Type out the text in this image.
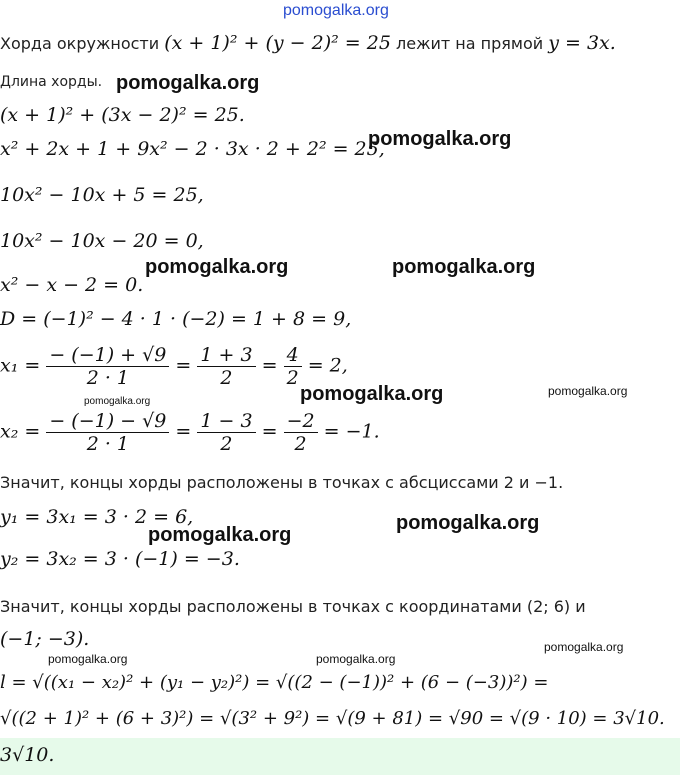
pomogalka.org
Хорда окружности (x + 1)² + (y − 2)² = 25 лежит на прямой y = 3x.
Длина хорды. pomogalka.org
(x + 1)² + (3x − 2)² = 25.
x² + 2x + 1 + 9x² − 2 · 3x · 2 + 2² = 25,
pomogalka.org
10x² − 10x + 5 = 25,
10x² − 10x − 20 = 0,
pomogalka.org	pomogalka.org
x² − x − 2 = 0.
D = (−1)² − 4 · 1 · (−2) = 1 + 8 = 9,
$x_1 = \frac{- (-1) + √9}{2 \cdot 1} = \frac{1 + 3}{2} = \frac{4}{2} = 2$,
pomogalka.org	pomogalka.org
pomogalka.org
$x_2 = \frac{- (-1) - √9}{2 \cdot 1} = \frac{1 - 3}{2} = \frac{-2}{2} = -1$.
Значит, концы хорды расположены в точках с абсциссами 2 и −1.
y₁ = 3x₁ = 3 · 2 = 6,	pomogalka.org
pomogalka.org
y₂ = 3x₂ = 3 · (−1) = −3.
Значит, концы хорды расположены в точках с координатами (2; 6) и
(−1; −3).	pomogalka.org
pomogalka.org	pomogalka.org
l = √((x₁ − x₂)² + (y₁ − y₂)²) = √((2 − (−1))² + (6 − (−3))²) =
√((2 + 1)² + (6 + 3)²) = √(3² + 9²) = √(9 + 81) = √90 = √(9 · 10) = 3√10.
3√10.
